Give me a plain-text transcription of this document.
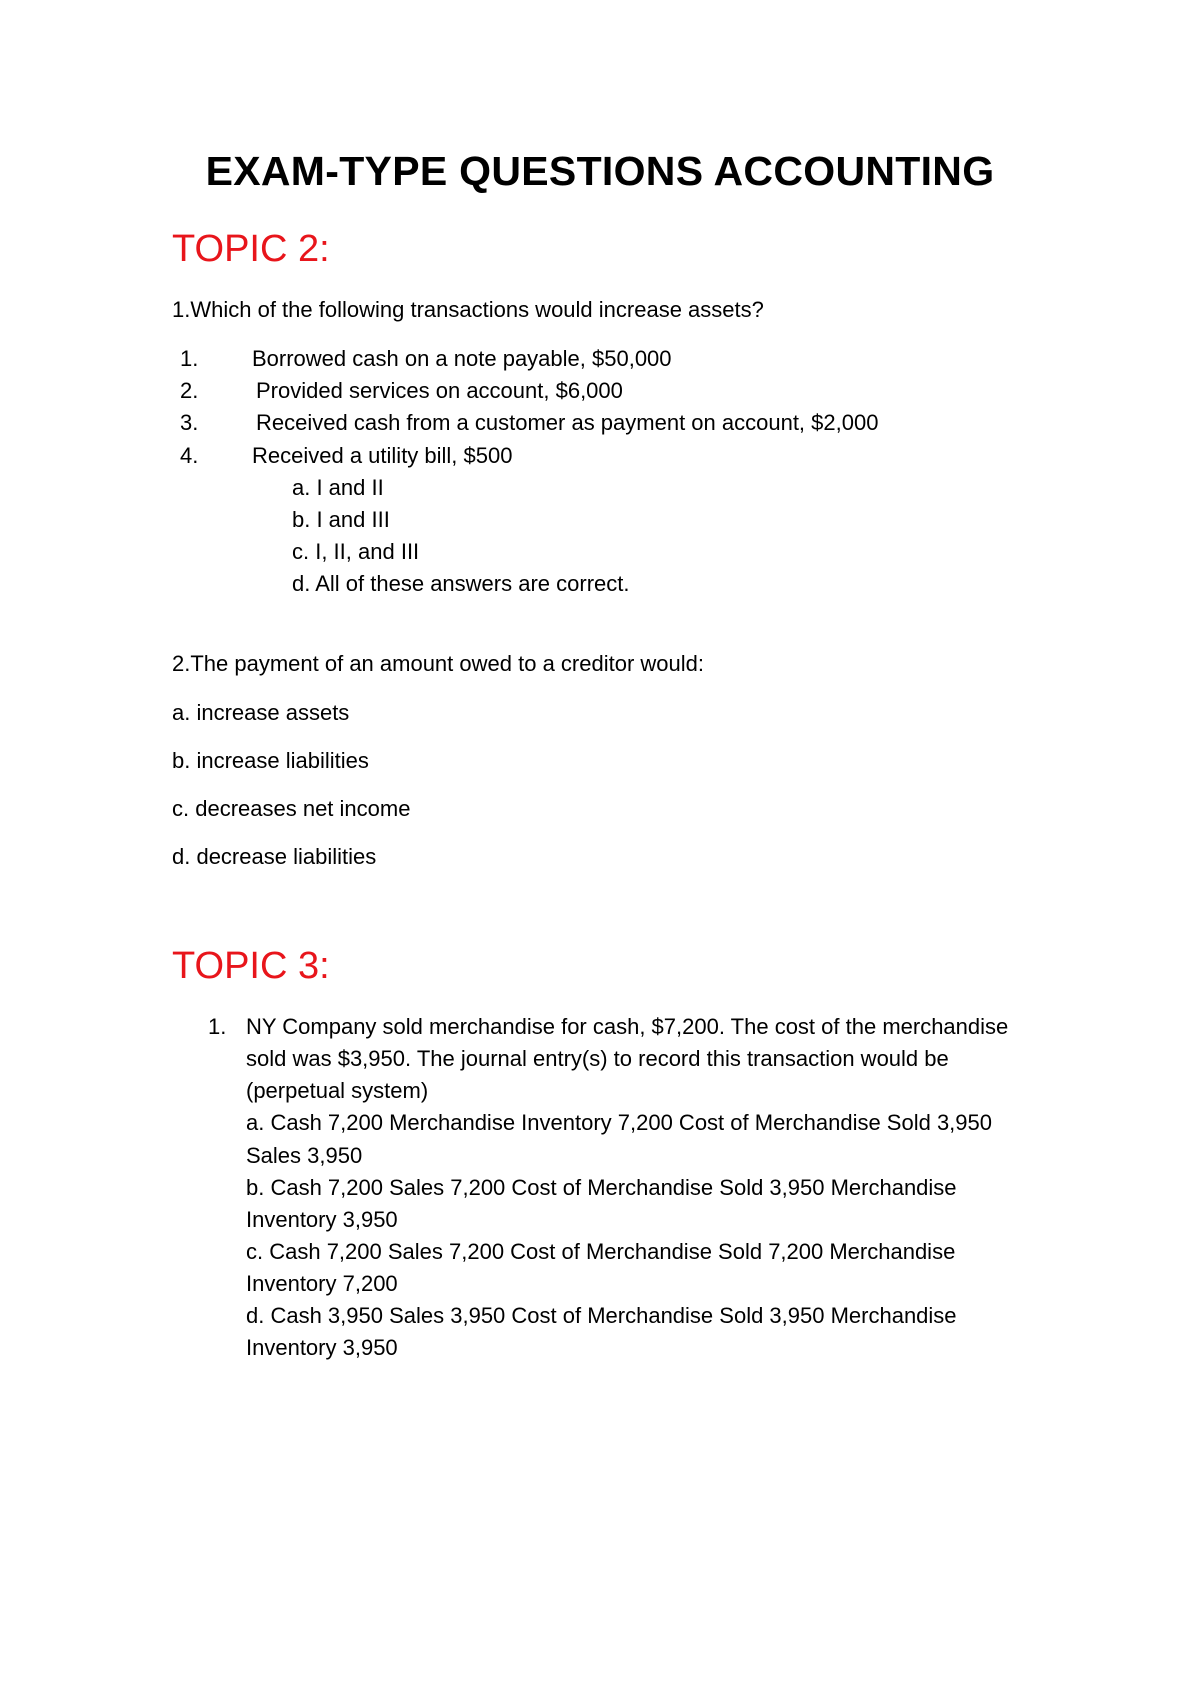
EXAM-TYPE QUESTIONS ACCOUNTING
TOPIC 2:
1.Which of the following transactions would increase assets?
1. Borrowed cash on a note payable, $50,000
2.	Provided services on account, $6,000
3.	Received cash from a customer as payment on account, $2,000
4. Received a utility bill, $500
a. I and II
b. I and III
c. I, II, and III
d. All of these answers are correct.
2.The payment of an amount owed to a creditor would:
a. increase assets
b. increase liabilities
c. decreases net income
d. decrease liabilities
TOPIC 3:
1. NY Company sold merchandise for cash, $7,200. The cost of the merchandise
sold was $3,950. The journal entry(s) to record this transaction would be
(perpetual system)
a. Cash 7,200 Merchandise Inventory 7,200 Cost of Merchandise Sold 3,950
Sales 3,950
b. Cash 7,200 Sales 7,200 Cost of Merchandise Sold 3,950 Merchandise
Inventory 3,950
c. Cash 7,200 Sales 7,200 Cost of Merchandise Sold 7,200 Merchandise
Inventory 7,200
d. Cash 3,950 Sales 3,950 Cost of Merchandise Sold 3,950 Merchandise
Inventory 3,950
